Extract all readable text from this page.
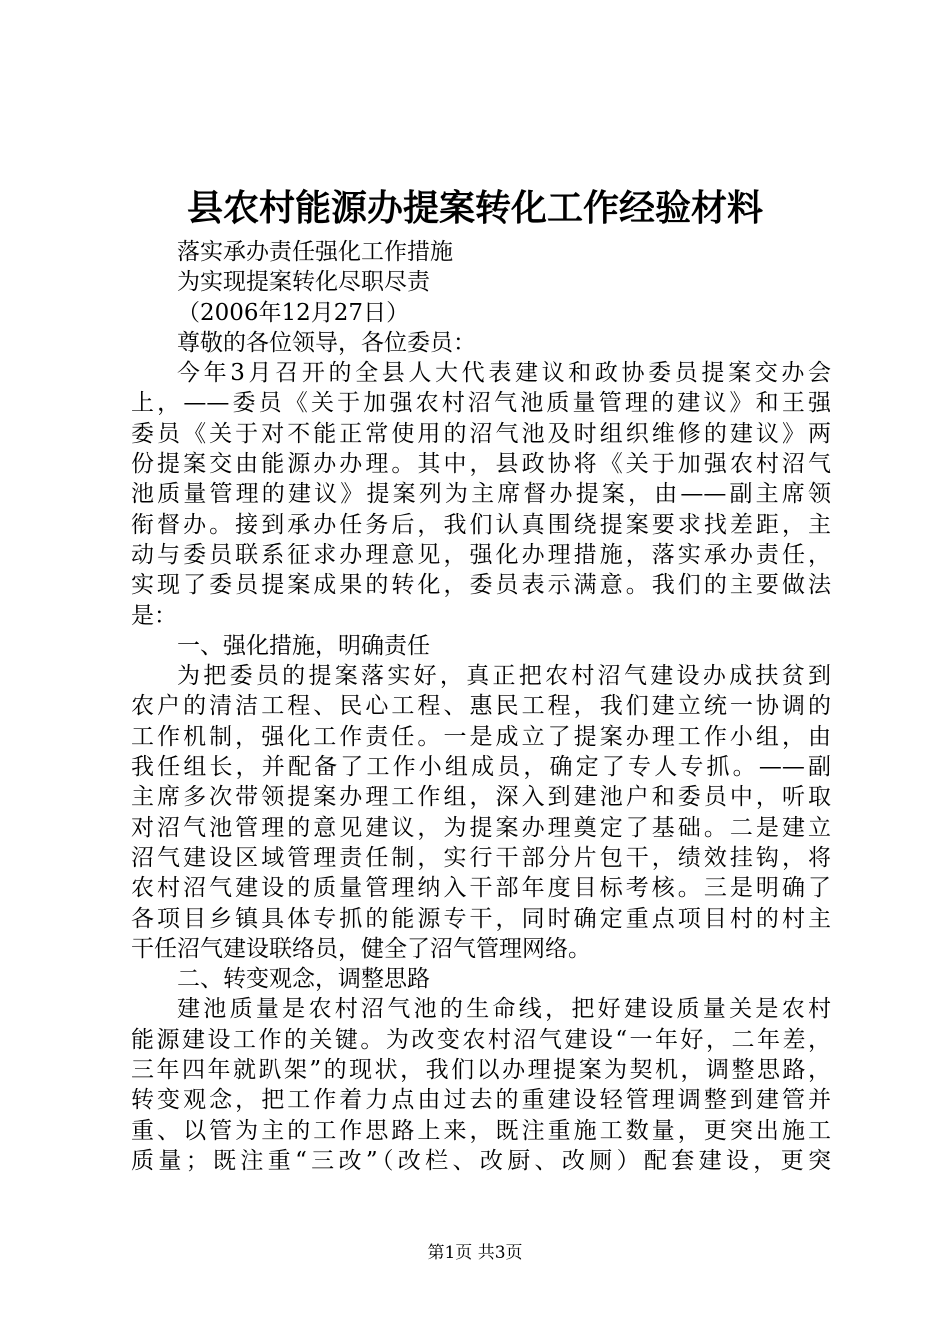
县农村能源办提案转化工作经验材料
落实承办责任强化工作措施
为实现提案转化尽职尽责
（2006年12月27日）
尊敬的各位领导，各位委员：
今年3月召开的全县人大代表建议和政协委员提案交办会
上，——委员《关于加强农村沼气池质量管理的建议》和王强
委员《关于对不能正常使用的沼气池及时组织维修的建议》两
份提案交由能源办办理。其中，县政协将《关于加强农村沼气
池质量管理的建议》提案列为主席督办提案，由——副主席领
衔督办。接到承办任务后，我们认真围绕提案要求找差距，主
动与委员联系征求办理意见，强化办理措施，落实承办责任，
实现了委员提案成果的转化，委员表示满意。我们的主要做法
是：
一、强化措施，明确责任
为把委员的提案落实好，真正把农村沼气建设办成扶贫到
农户的清洁工程、民心工程、惠民工程，我们建立统一协调的
工作机制，强化工作责任。一是成立了提案办理工作小组，由
我任组长，并配备了工作小组成员，确定了专人专抓。——副
主席多次带领提案办理工作组，深入到建池户和委员中，听取
对沼气池管理的意见建议，为提案办理奠定了基础。二是建立
沼气建设区域管理责任制，实行干部分片包干，绩效挂钩，将
农村沼气建设的质量管理纳入干部年度目标考核。三是明确了
各项目乡镇具体专抓的能源专干，同时确定重点项目村的村主
干任沼气建设联络员，健全了沼气管理网络。
二、转变观念，调整思路
建池质量是农村沼气池的生命线，把好建设质量关是农村
能源建设工作的关键。为改变农村沼气建设“一年好，二年差，
三年四年就趴架”的现状，我们以办理提案为契机，调整思路，
转变观念，把工作着力点由过去的重建设轻管理调整到建管并
重、以管为主的工作思路上来，既注重施工数量，更突出施工
质量；既注重“三改”（改栏、改厨、改厕）配套建设，更突
第1页 共3页
